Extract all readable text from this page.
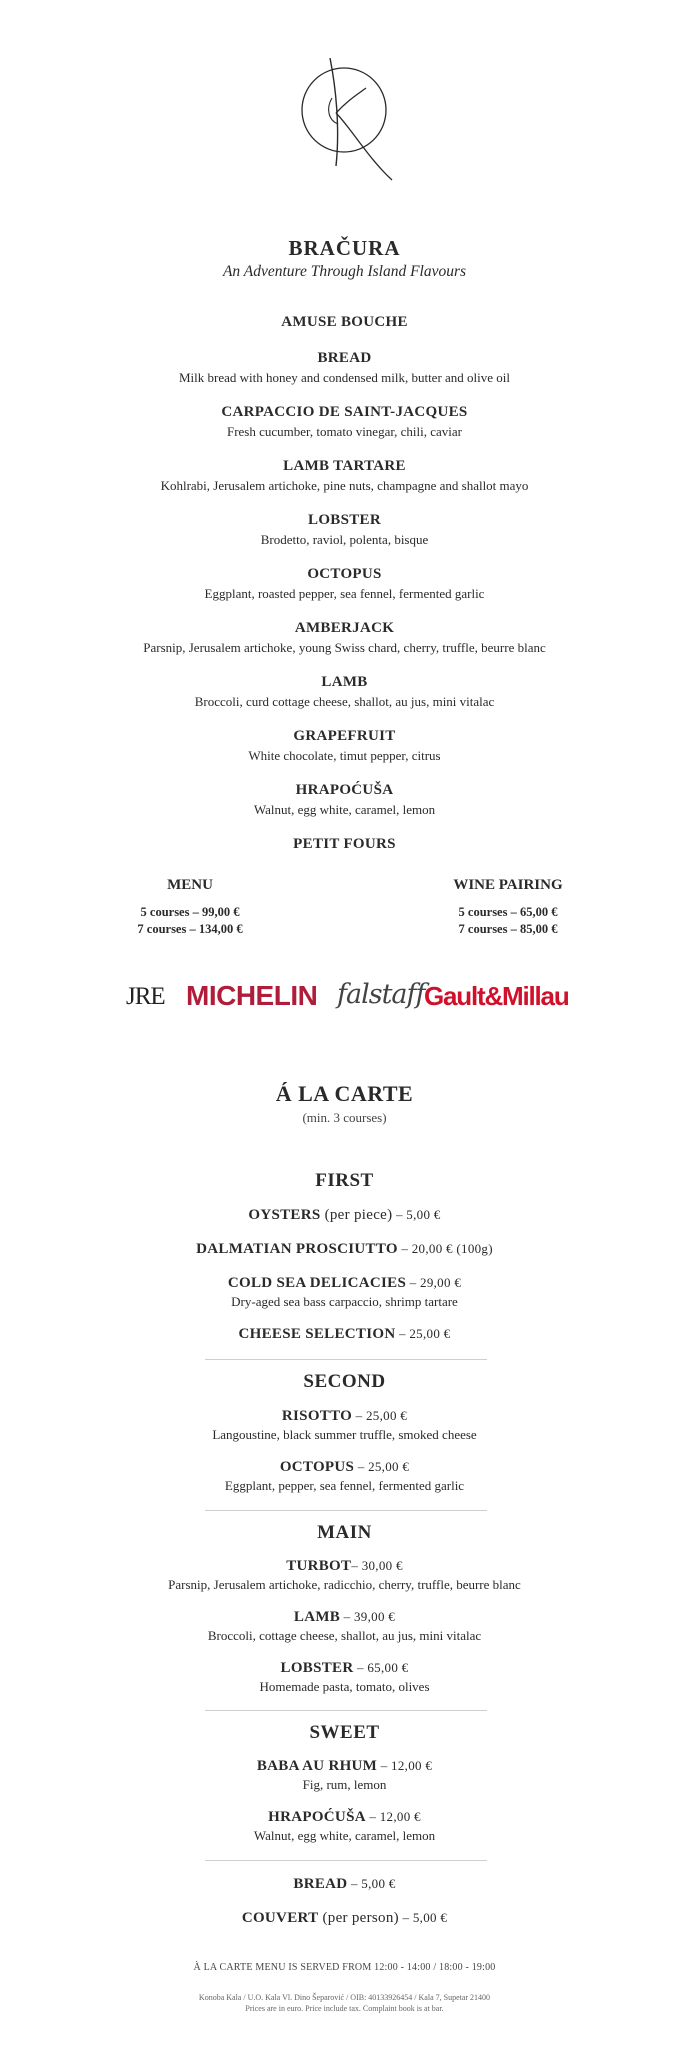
BRAČURA
An Adventure Through Island Flavours
AMUSE BOUCHE
BREAD
Milk bread with honey and condensed milk, butter and olive oil
CARPACCIO DE SAINT-JACQUES
Fresh cucumber, tomato vinegar, chili, caviar
LAMB TARTARE
Kohlrabi, Jerusalem artichoke, pine nuts, champagne and shallot mayo
LOBSTER
Brodetto, raviol, polenta, bisque
OCTOPUS
Eggplant, roasted pepper, sea fennel, fermented garlic
AMBERJACK
Parsnip, Jerusalem artichoke, young Swiss chard, cherry, truffle, beurre blanc
LAMB
Broccoli, curd cottage cheese, shallot, au jus, mini vitalac
GRAPEFRUIT
White chocolate, timut pepper, citrus
HRAPOĆUŠA
Walnut, egg white, caramel, lemon
PETIT FOURS
MENU
5 courses – 99,00 €
7 courses – 134,00 €
WINE PAIRING
5 courses – 65,00 €
7 courses – 85,00 €
JRE MICHELIN falstaff Gault&Millau
Á LA CARTE
(min. 3 courses)
FIRST
OYSTERS (per piece) – 5,00 €
DALMATIAN PROSCIUTTO – 20,00 € (100g)
COLD SEA DELICACIES – 29,00 €
Dry-aged sea bass carpaccio, shrimp tartare
CHEESE SELECTION – 25,00 €
SECOND
RISOTTO – 25,00 €
Langoustine, black summer truffle, smoked cheese
OCTOPUS – 25,00 €
Eggplant, pepper, sea fennel, fermented garlic
MAIN
TURBOT– 30,00 €
Parsnip, Jerusalem artichoke, radicchio, cherry, truffle, beurre blanc
LAMB – 39,00 €
Broccoli, cottage cheese, shallot, au jus, mini vitalac
LOBSTER – 65,00 €
Homemade pasta, tomato, olives
SWEET
BABA AU RHUM – 12,00 €
Fig, rum, lemon
HRAPOĆUŠA – 12,00 €
Walnut, egg white, caramel, lemon
BREAD – 5,00 €
COUVERT (per person) – 5,00 €
À LA CARTE MENU IS SERVED FROM 12:00 - 14:00 / 18:00 - 19:00
Konoba Kala / U.O. Kala Vl. Dino Šeparović / OIB: 40133926454 / Kala 7, Supetar 21400
Prices are in euro. Price include tax. Complaint book is at bar.
